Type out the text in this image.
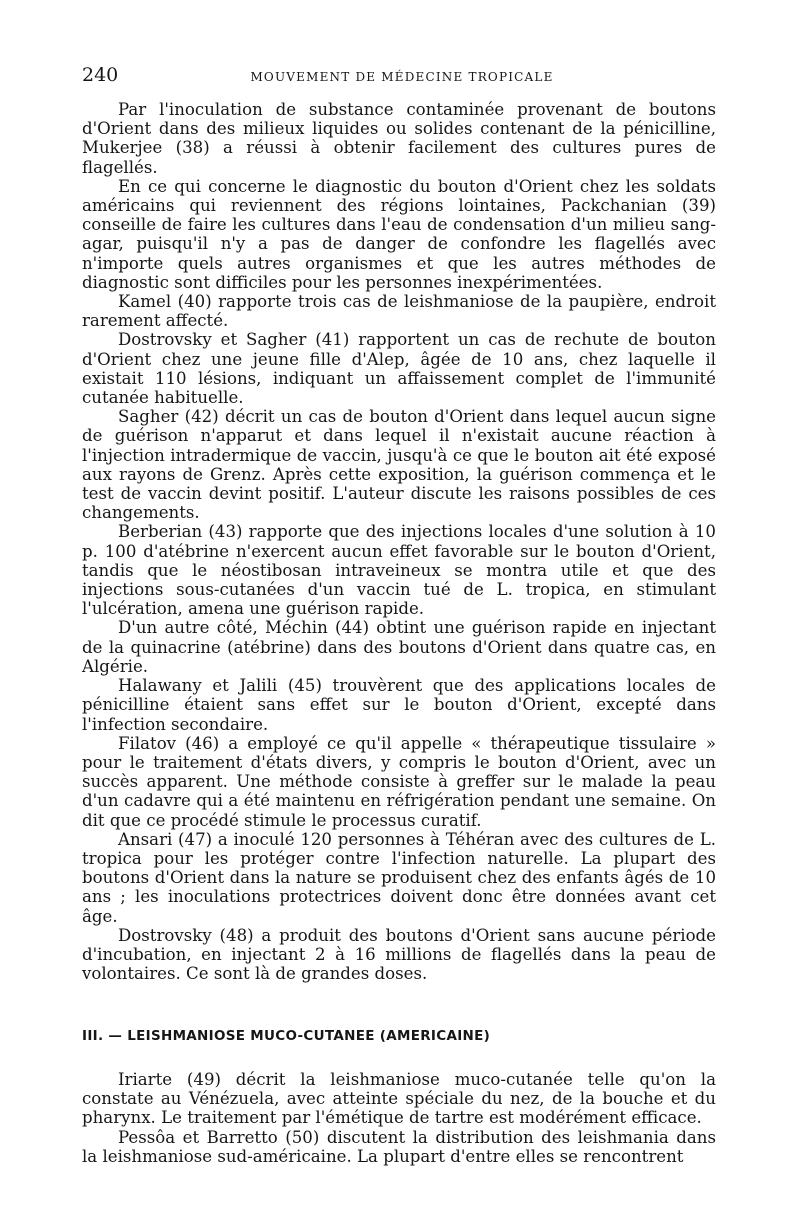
240	MOUVEMENT DE MÉDECINE TROPICALE

Par l'inoculation de substance contaminée provenant de boutons d'Orient dans des milieux liquides ou solides contenant de la pénicilline, Mukerjee (38) a réussi à obtenir facilement des cultures pures de flagellés.

En ce qui concerne le diagnostic du bouton d'Orient chez les soldats américains qui reviennent des régions lointaines, Packchanian (39) conseille de faire les cultures dans l'eau de condensation d'un milieu sang-agar, puisqu'il n'y a pas de danger de confondre les flagellés avec n'importe quels autres organismes et que les autres méthodes de diagnostic sont difficiles pour les personnes inexpérimentées.

Kamel (40) rapporte trois cas de leishmaniose de la paupière, endroit rarement affecté.

Dostrovsky et Sagher (41) rapportent un cas de rechute de bouton d'Orient chez une jeune fille d'Alep, âgée de 10 ans, chez laquelle il existait 110 lésions, indiquant un affaissement complet de l'immunité cutanée habituelle.

Sagher (42) décrit un cas de bouton d'Orient dans lequel aucun signe de guérison n'apparut et dans lequel il n'existait aucune réaction à l'injection intradermique de vaccin, jusqu'à ce que le bouton ait été exposé aux rayons de Grenz. Après cette exposition, la guérison commença et le test de vaccin devint positif. L'auteur discute les raisons possibles de ces changements.

Berberian (43) rapporte que des injections locales d'une solution à 10 p. 100 d'atébrine n'exercent aucun effet favorable sur le bouton d'Orient, tandis que le néostibosan intraveineux se montra utile et que des injections sous-cutanées d'un vaccin tué de L. tropica, en stimulant l'ulcération, amena une guérison rapide.

D'un autre côté, Méchin (44) obtint une guérison rapide en injectant de la quinacrine (atébrine) dans des boutons d'Orient dans quatre cas, en Algérie.

Halawany et Jalili (45) trouvèrent que des applications locales de pénicilline étaient sans effet sur le bouton d'Orient, excepté dans l'infection secondaire.

Filatov (46) a employé ce qu'il appelle « thérapeutique tissulaire » pour le traitement d'états divers, y compris le bouton d'Orient, avec un succès apparent. Une méthode consiste à greffer sur le malade la peau d'un cadavre qui a été maintenu en réfrigération pendant une semaine. On dit que ce procédé stimule le processus curatif.

Ansari (47) a inoculé 120 personnes à Téhéran avec des cultures de L. tropica pour les protéger contre l'infection naturelle. La plupart des boutons d'Orient dans la nature se produisent chez des enfants âgés de 10 ans ; les inoculations protectrices doivent donc être données avant cet âge.

Dostrovsky (48) a produit des boutons d'Orient sans aucune période d'incubation, en injectant 2 à 16 millions de flagellés dans la peau de volontaires. Ce sont là de grandes doses.

III. — LEISHMANIOSE MUCO-CUTANEE (AMERICAINE)

Iriarte (49) décrit la leishmaniose muco-cutanée telle qu'on la constate au Vénézuela, avec atteinte spéciale du nez, de la bouche et du pharynx. Le traitement par l'émétique de tartre est modérément efficace.

Pessôa et Barretto (50) discutent la distribution des leishmania dans la leishmaniose sud-américaine. La plupart d'entre elles se rencontrent
